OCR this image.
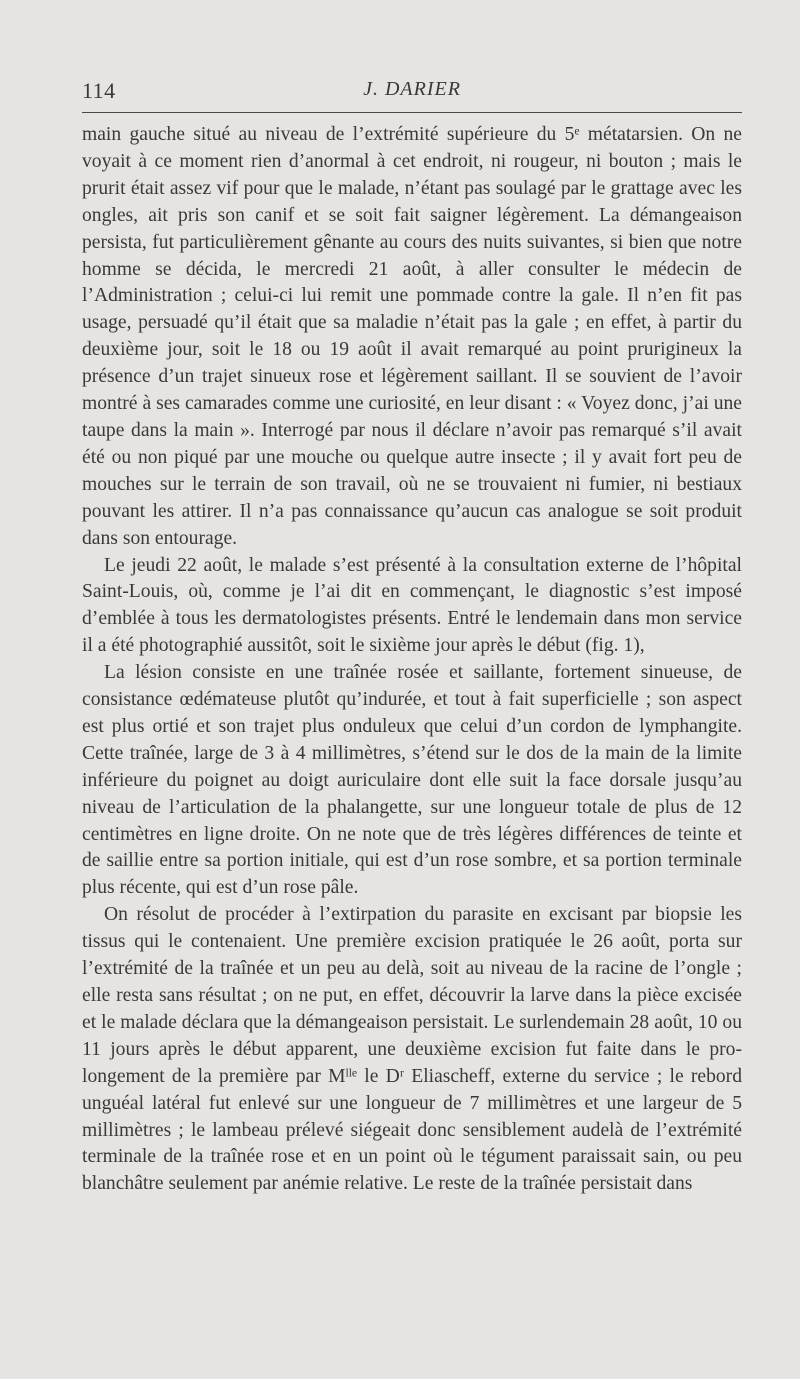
114	J. DARIER

main gauche situé au niveau de l’extrémité supérieure du 5ᵉ métatarsien. On ne voyait à ce moment rien d’anormal à cet endroit, ni rougeur, ni bouton ; mais le prurit était assez vif pour que le malade, n’étant pas soulagé par le grattage avec les ongles, ait pris son canif et se soit fait saigner légèrement. La démangeaison persista, fut particulièrement gênante au cours des nuits suivantes, si bien que notre homme se décida, le mercredi 21 août, à aller consulter le médecin de l’Administration ; celui-ci lui remit une pommade contre la gale. Il n’en fit pas usage, persuadé qu’il était que sa maladie n’était pas la gale ; en effet, à partir du deuxième jour, soit le 18 ou 19 août il avait remarqué au point prurigineux la présence d’un trajet sinueux rose et légèrement saillant. Il se souvient de l’avoir montré à ses camarades comme une curiosité, en leur disant : « Voyez donc, j’ai une taupe dans la main ». Interrogé par nous il déclare n’avoir pas remarqué s’il avait été ou non piqué par une mouche ou quelque autre insecte ; il y avait fort peu de mouches sur le terrain de son travail, où ne se trouvaient ni fumier, ni bestiaux pouvant les attirer. Il n’a pas connaissance qu’aucun cas analogue se soit produit dans son entourage.

Le jeudi 22 août, le malade s’est présenté à la consultation externe de l’hôpital Saint-Louis, où, comme je l’ai dit en commençant, le diagnostic s’est imposé d’emblée à tous les dermatologistes présents. Entré le lendemain dans mon service il a été photographié aussitôt, soit le sixième jour après le début (fig. 1),

La lésion consiste en une traînée rosée et saillante, fortement sinueuse, de consistance œdémateuse plutôt qu’indurée, et tout à fait superficielle ; son aspect est plus ortié et son trajet plus onduleux que celui d’un cordon de lymphangite. Cette traînée, large de 3 à 4 millimètres, s’étend sur le dos de la main de la limite inférieure du poignet au doigt auriculaire dont elle suit la face dorsale jusqu’au niveau de l’articulation de la phalangette, sur une longueur totale de plus de 12 centimètres en ligne droite. On ne note que de très légères différences de teinte et de saillie entre sa portion initiale, qui est d’un rose sombre, et sa portion terminale plus récente, qui est d’un rose pâle.

On résolut de procéder à l’extirpation du parasite en excisant par biopsie les tissus qui le contenaient. Une première excision pratiquée le 26 août, porta sur l’extrémité de la traînée et un peu au delà, soit au niveau de la racine de l’ongle ; elle resta sans résultat ; on ne put, en effet, découvrir la larve dans la pièce excisée et le malade déclara que la démangeaison persistait. Le surlendemain 28 août, 10 ou 11 jours après le début apparent, une deuxième excision fut faite dans le prolongement de la première par Mˡˡᵉ le Dʳ Eliascheff, externe du service ; le rebord unguéal latéral fut enlevé sur une longueur de 7 millimètres et une largeur de 5 millimètres ; le lambeau prélevé siégeait donc sensiblement audelà de l’extrémité terminale de la traînée rose et en un point où le tégument paraissait sain, ou peu blanchâtre seulement par anémie relative. Le reste de la traînée persistait dans
